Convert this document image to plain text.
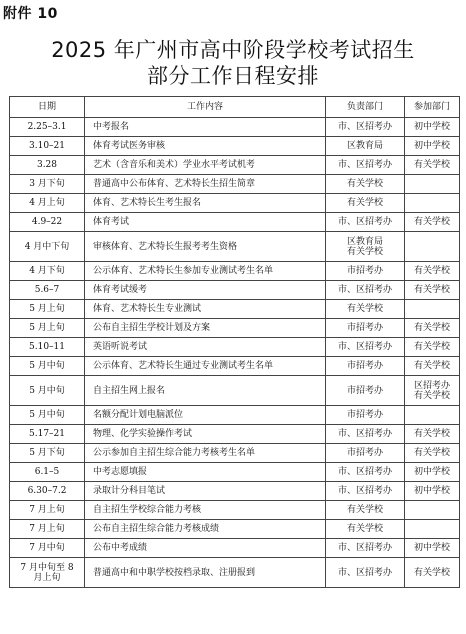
附件 10
2025 年广州市高中阶段学校考试招生
部分工作日程安排
日期	工作内容	负责部门	参加部门

2.25–3.1	中考报名	市、区招考办	初中学校

3.10–21	体育考试医务审核	区教育局	初中学校

3.28	艺术（含音乐和美术）学业水平考试机考	市、区招考办	有关学校

3 月下旬	普通高中公布体育、艺术特长生招生简章	有关学校	

4 月上旬	体育、艺术特长生考生报名	有关学校	

4.9–22	体育考试	市、区招考办	有关学校

4 月中下旬	审核体育、艺术特长生报考考生资格	区教育局
有关学校	

4 月下旬	公示体育、艺术特长生参加专业测试考生名单	市招考办	有关学校

5.6–7	体育考试缓考	市、区招考办	有关学校

5 月上旬	体育、艺术特长生专业测试	有关学校	

5 月上旬	公布自主招生学校计划及方案	市招考办	有关学校

5.10–11	英语听说考试	市、区招考办	有关学校

5 月中旬	公示体育、艺术特长生通过专业测试考生名单	市招考办	有关学校

5 月中旬	自主招生网上报名	市招考办	区招考办
有关学校

5 月中旬	名额分配计划电脑派位	市招考办	

5.17–21	物理、化学实验操作考试	市、区招考办	有关学校

5 月下旬	公示参加自主招生综合能力考核考生名单	市招考办	有关学校

6.1–5	中考志愿填报	市、区招考办	初中学校

6.30–7.2	录取计分科目笔试	市、区招考办	初中学校

7 月上旬	自主招生学校综合能力考核	有关学校	

7 月上旬	公布自主招生综合能力考核成绩	有关学校	

7 月中旬	公布中考成绩	市、区招考办	初中学校

7 月中旬至 8
月上旬	普通高中和中职学校按档录取、注册报到	市、区招考办	有关学校
